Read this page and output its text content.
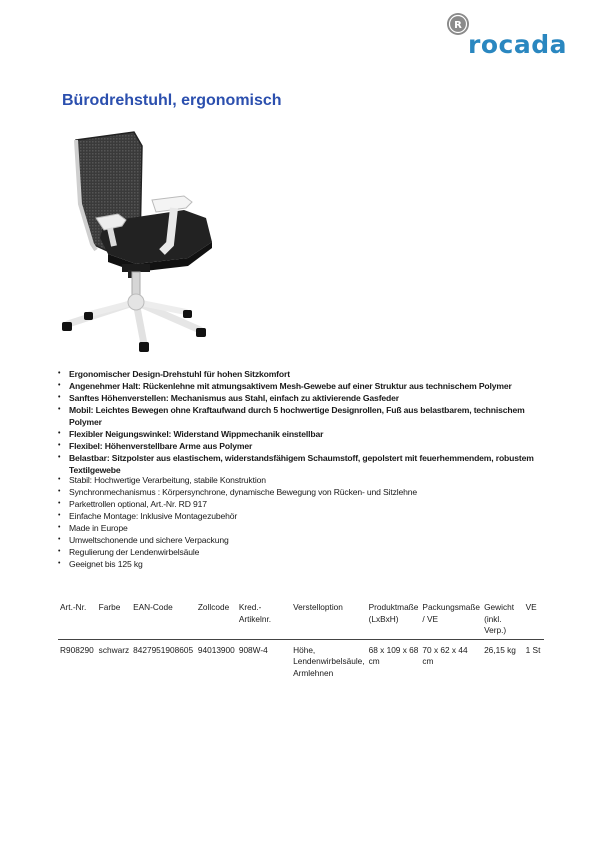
R
rocada
Bürodrehstuhl, ergonomisch
• Ergonomischer Design-Drehstuhl für hohen Sitzkomfort
• Angenehmer Halt: Rückenlehne mit atmungsaktivem Mesh-Gewebe auf einer Struktur aus technischem Polymer
• Sanftes Höhenverstellen: Mechanismus aus Stahl, einfach zu aktivierende Gasfeder
• Mobil: Leichtes Bewegen ohne Kraftaufwand durch 5 hochwertige Designrollen, Fuß aus belastbarem, technischem Polymer
• Flexibler Neigungswinkel: Widerstand Wippmechanik einstellbar
• Flexibel: Höhenverstellbare Arme aus Polymer
• Belastbar: Sitzpolster aus elastischem, widerstandsfähigem Schaumstoff, gepolstert mit feuerhemmendem, robustem Textilgewebe
• Stabil: Hochwertige Verarbeitung, stabile Konstruktion
• Synchronmechanismus : Körpersynchrone, dynamische Bewegung von Rücken- und Sitzlehne
• Parkettrollen optional, Art.-Nr. RD 917
• Einfache Montage: Inklusive Montagezubehör
• Made in Europe
• Umweltschonende und sichere Verpackung
• Regulierung der Lendenwirbelsäule
• Geeignet bis 125 kg
Art.-Nr.	Farbe	EAN-Code	Zollcode	Kred.-Artikelnr.	Verstelloption	Produktmaße (LxBxH)	Packungsmaße / VE	Gewicht (inkl. Verp.)	VE
R908290	schwarz	8427951908605	94013900	908W-4	Höhe, Lendenwirbelsäule, Armlehnen	68 x 109 x 68 cm	70 x 62 x 44 cm	26,15 kg	1 St
